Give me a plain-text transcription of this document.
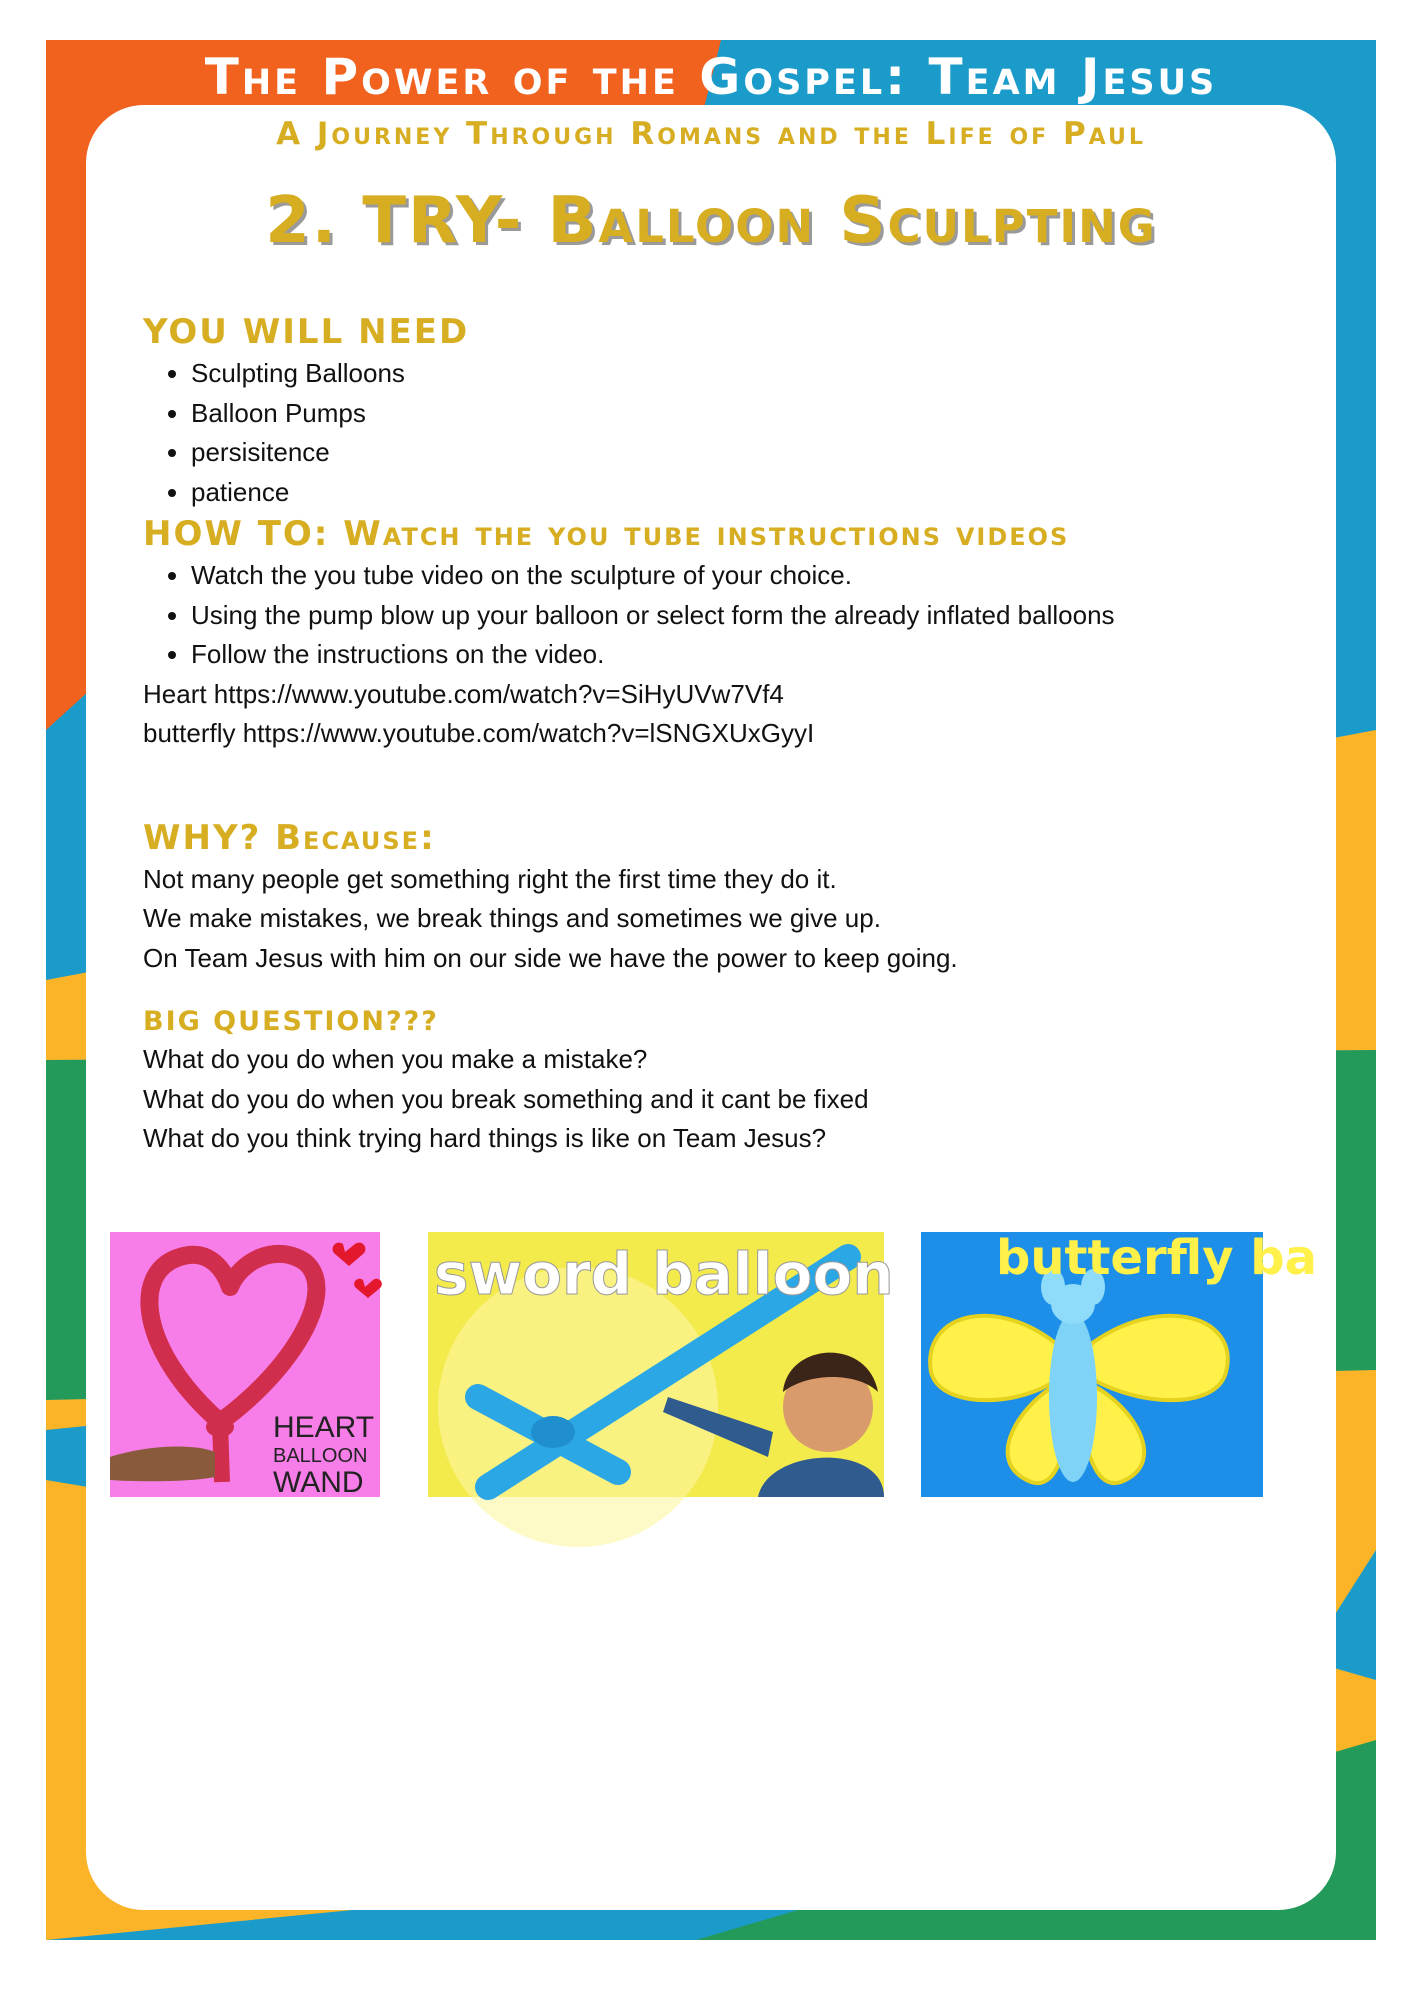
The Power of the Gospel: Team Jesus
A Journey Through Romans and the Life of Paul
2. TRY- Balloon Sculpting
YOU WILL NEED
• Sculpting Balloons
• Balloon Pumps
• persisitence
• patience
HOW TO: Watch the you tube instructions videos
• Watch the you tube video on the sculpture of your choice.
• Using the pump blow up your balloon or select form the already inflated balloons
• Follow the instructions on the video.
Heart https://www.youtube.com/watch?v=SiHyUVw7Vf4
butterfly https://www.youtube.com/watch?v=lSNGXUxGyyI
WHY? Because:
Not many people get something right the first time they do it.
We make mistakes, we break things and sometimes we give up.
On Team Jesus with him on our side we have the power to keep going.
BIG QUESTION???
What do you do when you make a mistake?
What do you do when you break something and it cant be fixed
What do you think trying hard things is like on Team Jesus?
HEART
BALLOON
WAND
sword balloon butterfly ba
